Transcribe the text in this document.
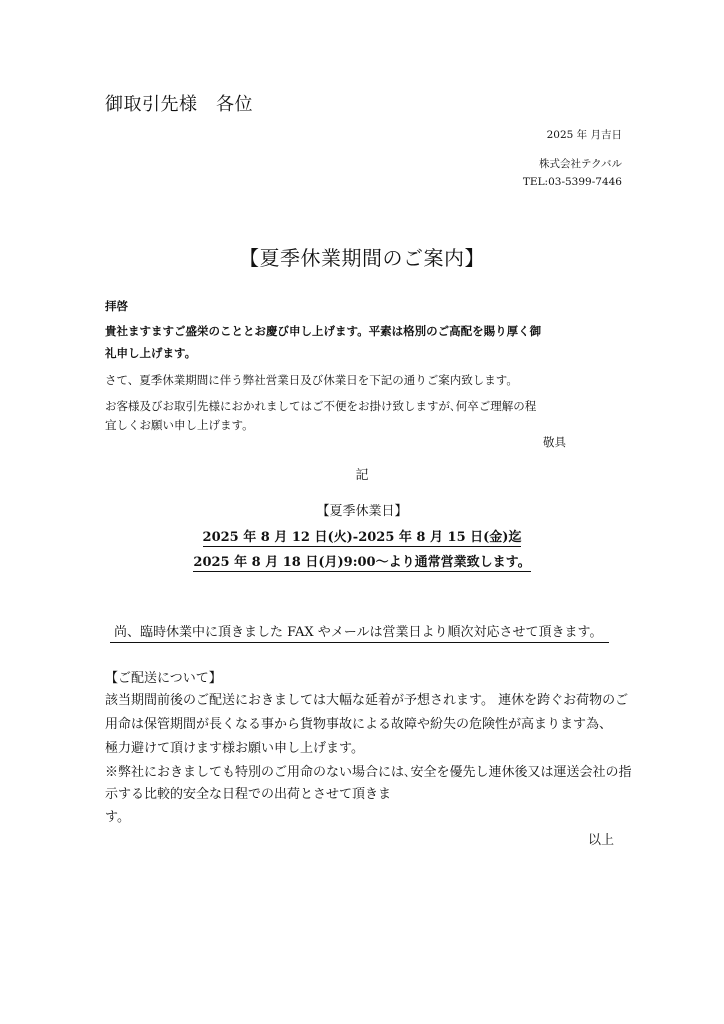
御取引先様　各位
2025 年 月吉日
株式会社テクバル
TEL:03-5399-7446
【夏季休業期間のご案内】
拝啓
貴社ますますご盛栄のこととお慶び申し上げます。平素は格別のご高配を賜り厚く御
礼申し上げます。
さて、夏季休業期間に伴う弊社営業日及び休業日を下記の通りご案内致します。
お客様及びお取引先様におかれましてはご不便をお掛け致しますが､何卒ご理解の程
宜しくお願い申し上げます。
敬具
記
【夏季休業日】
2025 年 8 月 12 日(火)-2025 年 8 月 15 日(金)迄
2025 年 8 月 18 日(月)9:00～より通常営業致します。
尚、臨時休業中に頂きました FAX やメールは営業日より順次対応させて頂きます。
【ご配送について】
該当期間前後のご配送におきましては大幅な延着が予想されます。 連休を跨ぐお荷物のご
用命は保管期間が長くなる事から貨物事故による故障や紛失の危険性が高まります為、
極力避けて頂けます様お願い申し上げます。
※弊社におきましても特別のご用命のない場合には､安全を優先し連休後又は運送会社の指
示する比較的安全な日程での出荷とさせて頂きま
す。
以上
